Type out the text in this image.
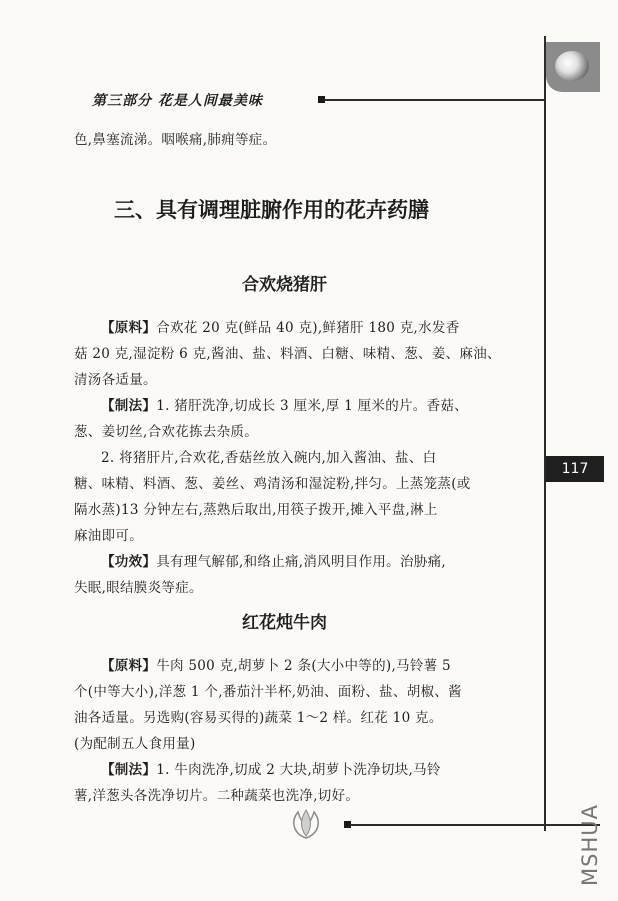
第三部分 花是人间最美味
色,鼻塞流涕。咽喉痛,肺痈等症。
三、具有调理脏腑作用的花卉药膳
合欢烧猪肝
【原料】合欢花 20 克(鲜品 40 克),鲜猪肝 180 克,水发香
菇 20 克,湿淀粉 6 克,酱油、盐、料酒、白糖、味精、葱、姜、麻油、
清汤各适量。
【制法】1. 猪肝洗净,切成长 3 厘米,厚 1 厘米的片。香菇、
葱、姜切丝,合欢花拣去杂质。
2. 将猪肝片,合欢花,香菇丝放入碗内,加入酱油、盐、白
糖、味精、料酒、葱、姜丝、鸡清汤和湿淀粉,拌匀。上蒸笼蒸(或
隔水蒸)13 分钟左右,蒸熟后取出,用筷子拨开,摊入平盘,淋上
麻油即可。
【功效】具有理气解郁,和络止痛,消风明目作用。治胁痛,
失眠,眼结膜炎等症。
117
红花炖牛肉
【原料】牛肉 500 克,胡萝卜 2 条(大小中等的),马铃薯 5
个(中等大小),洋葱 1 个,番茄汁半杯,奶油、面粉、盐、胡椒、酱
油各适量。另选购(容易买得的)蔬菜 1～2 样。红花 10 克。
(为配制五人食用量)
【制法】1. 牛肉洗净,切成 2 大块,胡萝卜洗净切块,马铃
薯,洋葱头各洗净切片。二种蔬菜也洗净,切好。
MSHUA
